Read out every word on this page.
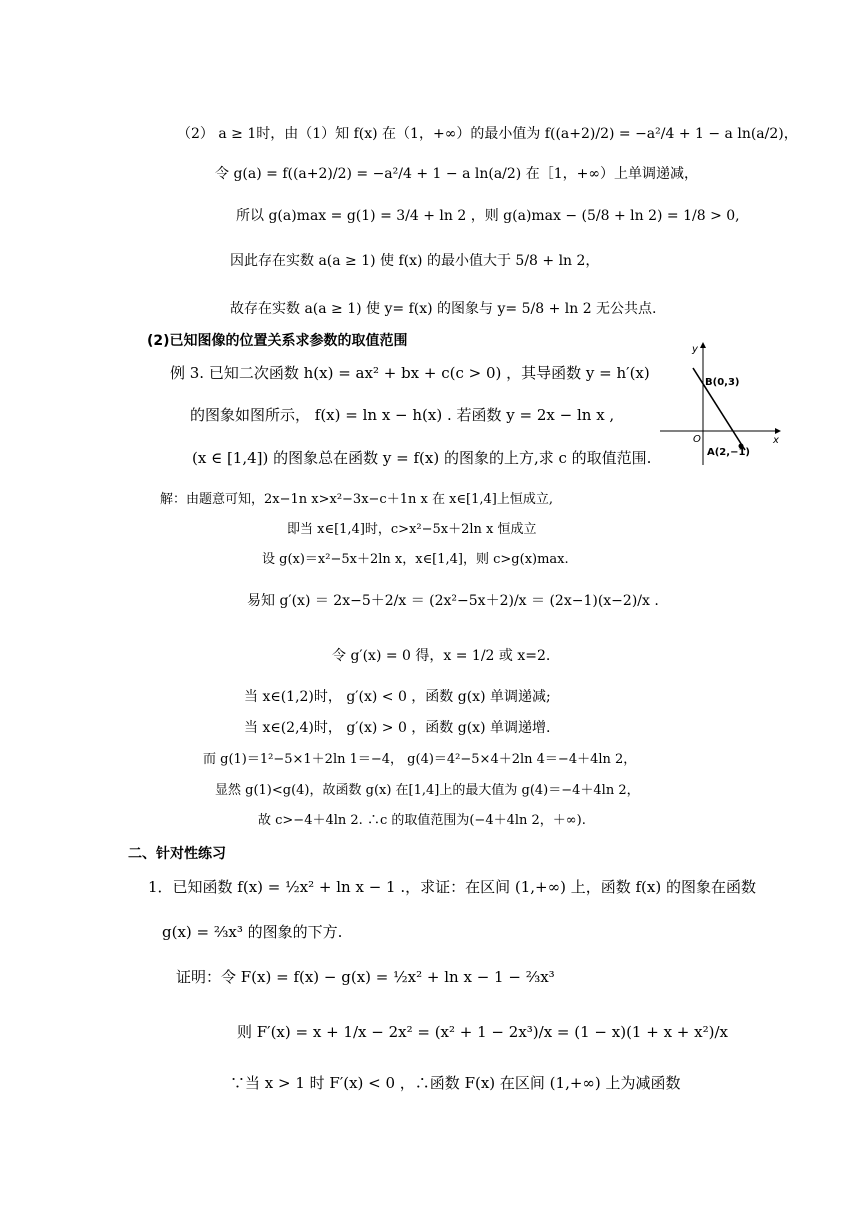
（2） a ≥ 1时，由（1）知 f(x) 在（1，+∞）的最小值为 f((a+2)/2) = −a²/4 + 1 − a ln(a/2)，
令 g(a) = f((a+2)/2) = −a²/4 + 1 − a ln(a/2) 在［1，+∞）上单调递减，
所以 g(a)max = g(1) = 3/4 + ln 2 ，则 g(a)max − (5/8 + ln 2) = 1/8 > 0,
因此存在实数 a(a ≥ 1) 使 f(x) 的最小值大于 5/8 + ln 2，
故存在实数 a(a ≥ 1) 使 y= f(x) 的图象与 y= 5/8 + ln 2 无公共点.
(2)已知图像的位置关系求参数的取值范围
例 3. 已知二次函数 h(x) = ax² + bx + c(c > 0) ，其导函数 y = h′(x)
的图象如图所示， f(x) = ln x − h(x) . 若函数 y = 2x − ln x ,
(x ∈ [1,4]) 的图象总在函数 y = f(x) 的图象的上方,求 c 的取值范围.
x
y
O
B(0,3)
A(2,−1)
解：由题意可知，2x−1n x>x²−3x−c＋1n x 在 x∈[1,4]上恒成立,
即当 x∈[1,4]时，c>x²−5x＋2ln x 恒成立
设 g(x)＝x²−5x＋2ln x，x∈[1,4]，则 c>g(x)max.
易知 g′(x) ＝ 2x−5＋2/x ＝ (2x²−5x＋2)/x ＝ (2x−1)(x−2)/x .
令 g′(x) = 0 得，x = 1/2 或 x=2.
当 x∈(1,2)时， g′(x) < 0 ，函数 g(x) 单调递减;
当 x∈(2,4)时， g′(x) > 0 ，函数 g(x) 单调递增.
而 g(1)＝1²−5×1＋2ln 1＝−4， g(4)＝4²−5×4＋2ln 4＝−4＋4ln 2，
显然 g(1)<g(4)，故函数 g(x) 在[1,4]上的最大值为 g(4)＝−4＋4ln 2，
故 c>−4＋4ln 2. ∴c 的取值范围为(−4＋4ln 2，＋∞).
二、针对性练习
1．已知函数 f(x) = ½x² + ln x − 1 .，求证：在区间 (1,+∞) 上，函数 f(x) 的图象在函数
g(x) = ⅔x³ 的图象的下方.
证明：令 F(x) = f(x) − g(x) = ½x² + ln x − 1 − ⅔x³
则 F′(x) = x + 1/x − 2x² = (x² + 1 − 2x³)/x = (1 − x)(1 + x + x²)/x
∵当 x > 1 时 F′(x) < 0 ，∴函数 F(x) 在区间 (1,+∞) 上为减函数
